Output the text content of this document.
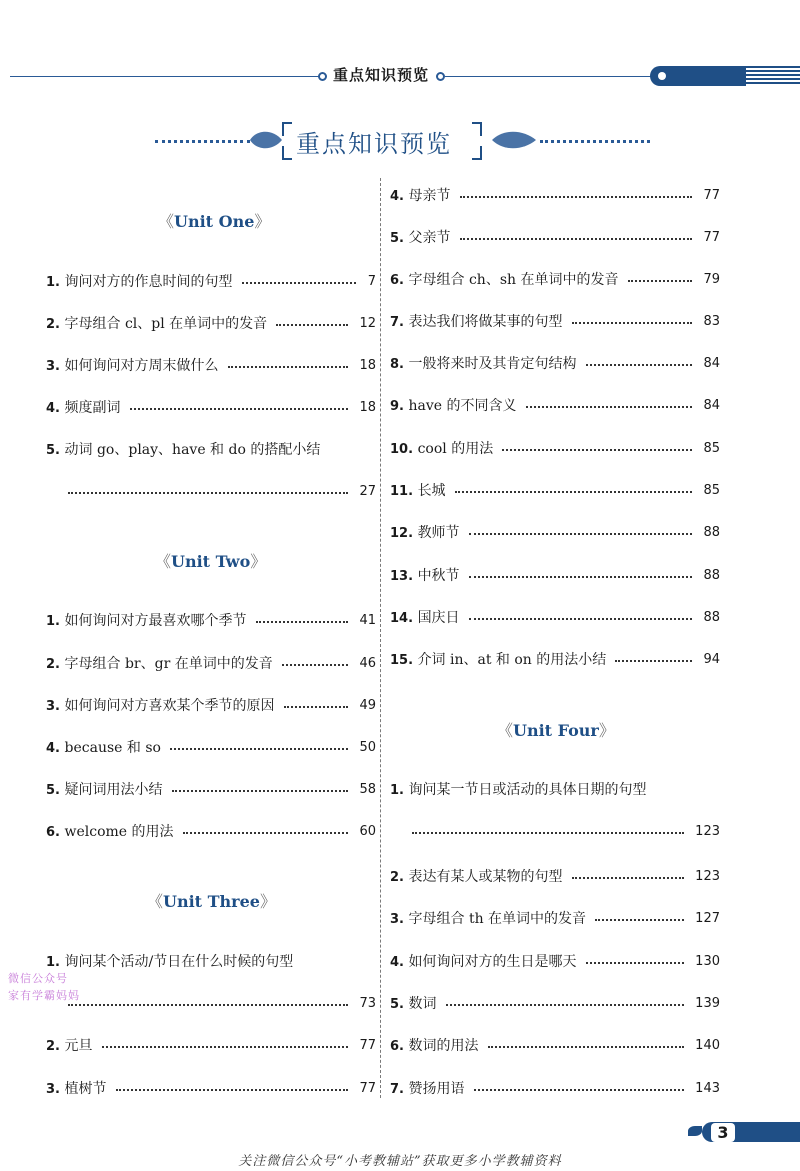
重点知识预览
重点知识预览
《Unit One》
《Unit Two》
《Unit Three》
《Unit Four》
1. 询问对方的作息时间的句型	7
2. 字母组合 cl、pl 在单词中的发音	12
3. 如何询问对方周末做什么	18
4. 频度副词	18
5. 动词 go、play、have 和 do 的搭配小结
27
1. 如何询问对方最喜欢哪个季节	41
2. 字母组合 br、gr 在单词中的发音	46
3. 如何询问对方喜欢某个季节的原因	49
4. because 和 so	50
5. 疑问词用法小结	58
6. welcome 的用法	60
1. 询问某个活动/节日在什么时候的句型
73
2. 元旦	77
3. 植树节	77
4. 母亲节	77
5. 父亲节	77
6. 字母组合 ch、sh 在单词中的发音	79
7. 表达我们将做某事的句型	83
8. 一般将来时及其肯定句结构	84
9. have 的不同含义	84
10. cool 的用法	85
11. 长城	85
12. 教师节	88
13. 中秋节	88
14. 国庆日	88
15. 介词 in、at 和 on 的用法小结	94
1. 询问某一节日或活动的具体日期的句型
123
2. 表达有某人或某物的句型	123
3. 字母组合 th 在单词中的发音	127
4. 如何询问对方的生日是哪天	130
5. 数词	139
6. 数词的用法	140
7. 赞扬用语	143
微信公众号
家有学霸妈妈
3
关注微信公众号“小考教辅站”获取更多小学教辅资料
